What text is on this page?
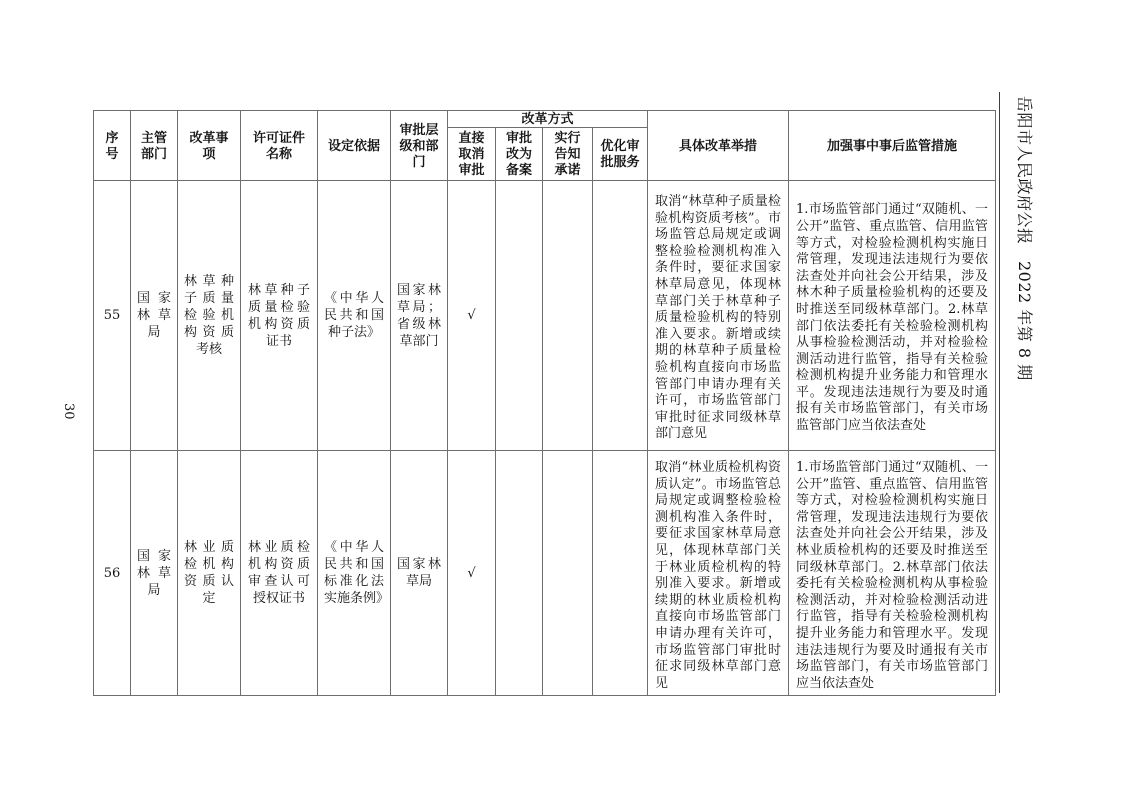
序号	主管部门	改革事项	许可证件名称	设定依据	审批层级和部门	改革方式				具体改革举措	加强事中事后监管措施
						直接取消审批	审批改为备案	实行告知承诺	优化审批服务		
55	国家林草局	林草种子质量检验机构资质考核	林草种子质量检验机构资质证书	《中华人民共和国种子法》	国家林草局；省级林草部门	√				取消“林草种子质量检验机构资质考核”。市场监管总局规定或调整检验检测机构准入条件时，要征求国家林草局意见，体现林草部门关于林草种子质量检验机构的特别准入要求。新增或续期的林草种子质量检验机构直接向市场监管部门申请办理有关许可，市场监管部门审批时征求同级林草部门意见	1.市场监管部门通过“双随机、一公开”监管、重点监管、信用监管等方式，对检验检测机构实施日常管理，发现违法违规行为要依法查处并向社会公开结果，涉及林木种子质量检验机构的还要及时推送至同级林草部门。2.林草部门依法委托有关检验检测机构从事检验检测活动，并对检验检测活动进行监管，指导有关检验检测机构提升业务能力和管理水平。发现违法违规行为要及时通报有关市场监管部门，有关市场监管部门应当依法查处
56	国家林草局	林业质检机构资质认定	林业质检机构资质审查认可授权证书	《中华人民共和国标准化法实施条例》	国家林草局	√				取消“林业质检机构资质认定”。市场监管总局规定或调整检验检测机构准入条件时，要征求国家林草局意见，体现林草部门关于林业质检机构的特别准入要求。新增或续期的林业质检机构直接向市场监管部门申请办理有关许可，市场监管部门审批时征求同级林草部门意见	1.市场监管部门通过“双随机、一公开”监管、重点监管、信用监管等方式，对检验检测机构实施日常管理，发现违法违规行为要依法查处并向社会公开结果，涉及林业质检机构的还要及时推送至同级林草部门。2.林草部门依法委托有关检验检测机构从事检验检测活动，并对检验检测活动进行监管，指导有关检验检测机构提升业务能力和管理水平。发现违法违规行为要及时通报有关市场监管部门，有关市场监管部门应当依法查处
岳阳市人民政府公报　2022 年第 8 期
30
